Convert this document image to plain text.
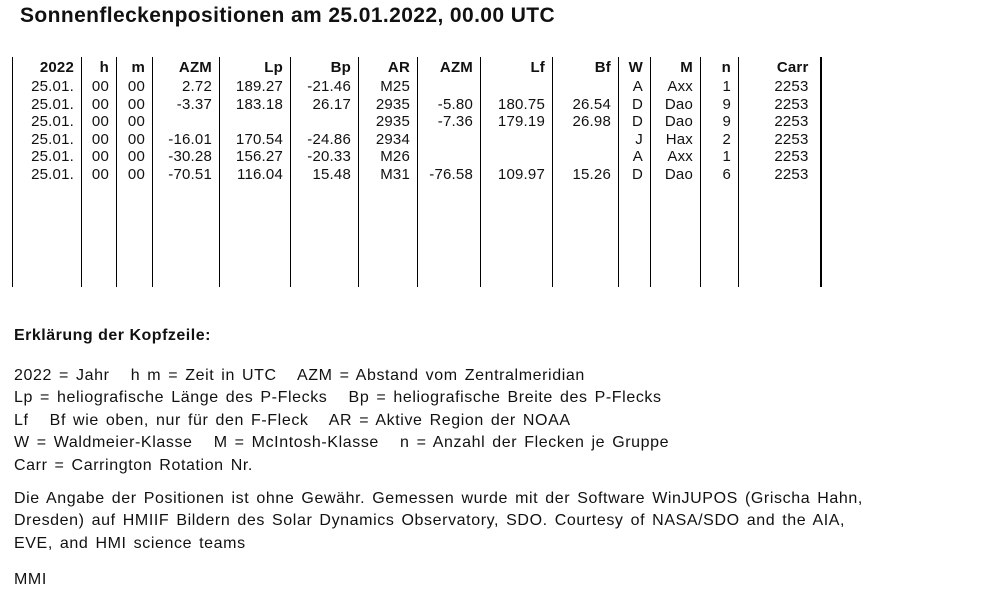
Sonnenfleckenpositionen am 25.01.2022, 00.00 UTC
2022	h	m	AZM	Lp	Bp	AR	AZM	Lf	Bf	W	M	n	Carr
25.01.	00	00	2.72	189.27	-21.46	M25				A	Axx	1	2253
25.01.	00	00	-3.37	183.18	26.17	2935	-5.80	180.75	26.54	D	Dao	9	2253
25.01.	00	00				2935	-7.36	179.19	26.98	D	Dao	9	2253
25.01.	00	00	-16.01	170.54	-24.86	2934				J	Hax	2	2253
25.01.	00	00	-30.28	156.27	-20.33	M26				A	Axx	1	2253
25.01.	00	00	-70.51	116.04	15.48	M31	-76.58	109.97	15.26	D	Dao	6	2253

Erklärung der Kopfzeile:
2022 = Jahr   h m = Zeit in UTC   AZM = Abstand vom Zentralmeridian
Lp = heliografische Länge des P-Flecks   Bp = heliografische Breite des P-Flecks
Lf   Bf wie oben, nur für den F-Fleck   AR = Aktive Region der NOAA
W = Waldmeier-Klasse   M = McIntosh-Klasse   n = Anzahl der Flecken je Gruppe
Carr = Carrington Rotation Nr.
Die Angabe der Positionen ist ohne Gewähr. Gemessen wurde mit der Software WinJUPOS (Grischa Hahn,
Dresden) auf HMIIF Bildern des Solar Dynamics Observatory, SDO. Courtesy of NASA/SDO and the AIA,
EVE, and HMI science teams
MMI
